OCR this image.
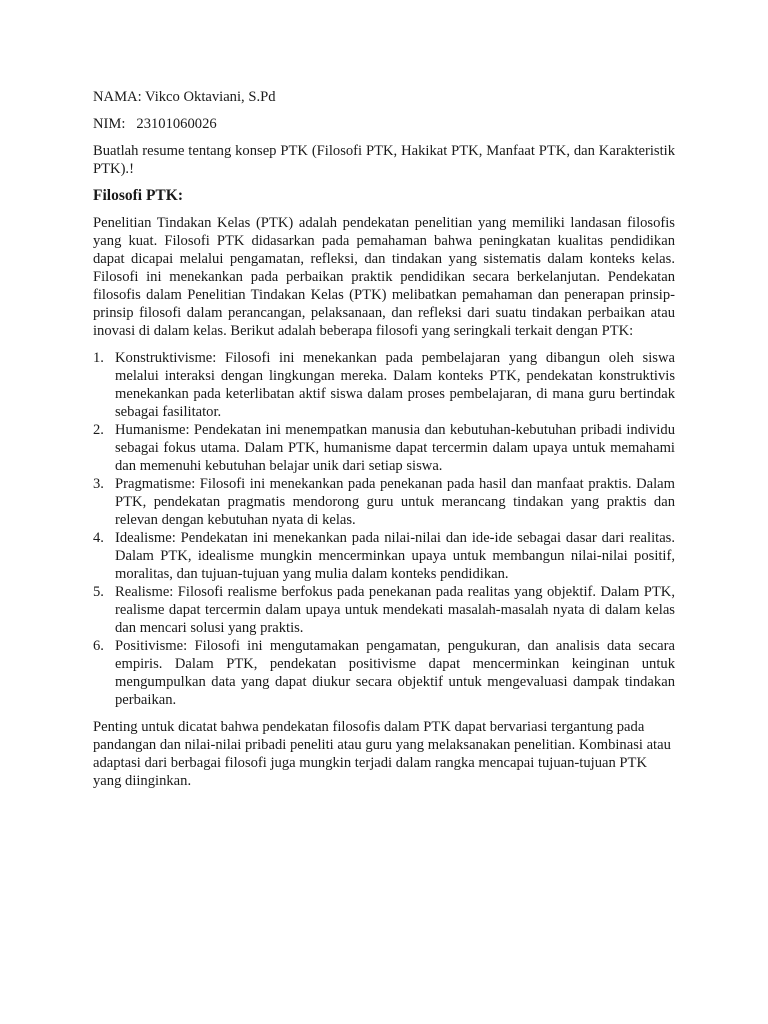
NAMA: Vikco Oktaviani, S.Pd

NIM: 23101060026

Buatlah resume tentang konsep PTK (Filosofi PTK, Hakikat PTK, Manfaat PTK, dan Karakteristik PTK).!

Filosofi PTK:

Penelitian Tindakan Kelas (PTK) adalah pendekatan penelitian yang memiliki landasan filosofis yang kuat. Filosofi PTK didasarkan pada pemahaman bahwa peningkatan kualitas pendidikan dapat dicapai melalui pengamatan, refleksi, dan tindakan yang sistematis dalam konteks kelas. Filosofi ini menekankan pada perbaikan praktik pendidikan secara berkelanjutan. Pendekatan filosofis dalam Penelitian Tindakan Kelas (PTK) melibatkan pemahaman dan penerapan prinsip-prinsip filosofi dalam perancangan, pelaksanaan, dan refleksi dari suatu tindakan perbaikan atau inovasi di dalam kelas. Berikut adalah beberapa filosofi yang seringkali terkait dengan PTK:

1. Konstruktivisme: Filosofi ini menekankan pada pembelajaran yang dibangun oleh siswa melalui interaksi dengan lingkungan mereka. Dalam konteks PTK, pendekatan konstruktivis menekankan pada keterlibatan aktif siswa dalam proses pembelajaran, di mana guru bertindak sebagai fasilitator.
2. Humanisme: Pendekatan ini menempatkan manusia dan kebutuhan-kebutuhan pribadi individu sebagai fokus utama. Dalam PTK, humanisme dapat tercermin dalam upaya untuk memahami dan memenuhi kebutuhan belajar unik dari setiap siswa.
3. Pragmatisme: Filosofi ini menekankan pada penekanan pada hasil dan manfaat praktis. Dalam PTK, pendekatan pragmatis mendorong guru untuk merancang tindakan yang praktis dan relevan dengan kebutuhan nyata di kelas.
4. Idealisme: Pendekatan ini menekankan pada nilai-nilai dan ide-ide sebagai dasar dari realitas. Dalam PTK, idealisme mungkin mencerminkan upaya untuk membangun nilai-nilai positif, moralitas, dan tujuan-tujuan yang mulia dalam konteks pendidikan.
5. Realisme: Filosofi realisme berfokus pada penekanan pada realitas yang objektif. Dalam PTK, realisme dapat tercermin dalam upaya untuk mendekati masalah-masalah nyata di dalam kelas dan mencari solusi yang praktis.
6. Positivisme: Filosofi ini mengutamakan pengamatan, pengukuran, dan analisis data secara empiris. Dalam PTK, pendekatan positivisme dapat mencerminkan keinginan untuk mengumpulkan data yang dapat diukur secara objektif untuk mengevaluasi dampak tindakan perbaikan.

Penting untuk dicatat bahwa pendekatan filosofis dalam PTK dapat bervariasi tergantung pada pandangan dan nilai-nilai pribadi peneliti atau guru yang melaksanakan penelitian. Kombinasi atau adaptasi dari berbagai filosofi juga mungkin terjadi dalam rangka mencapai tujuan-tujuan PTK yang diinginkan.
